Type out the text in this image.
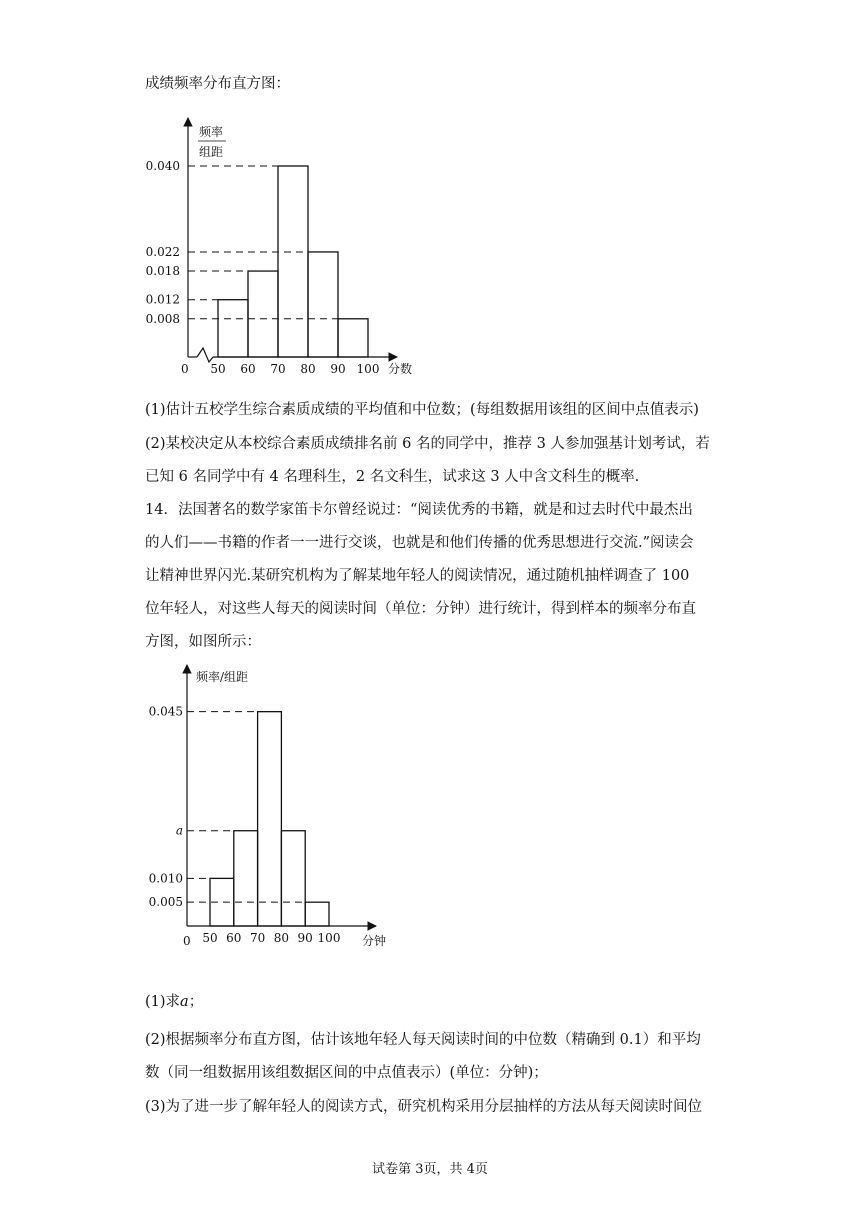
成绩频率分布直方图：
频率
组距
0	分数
0.040
0.022
0.018
0.012
0.008
50 60 70 80 90 100
频率/组距
0	分钟
0.045
a
0.010
0.005
50 60 70 80 90 100
(1)估计五校学生综合素质成绩的平均值和中位数；(每组数据用该组的区间中点值表示)
(2)某校决定从本校综合素质成绩排名前 6 名的同学中，推荐 3 人参加强基计划考试，若
已知 6 名同学中有 4 名理科生，2 名文科生，试求这 3 人中含文科生的概率.
14．法国著名的数学家笛卡尔曾经说过：“阅读优秀的书籍，就是和过去时代中最杰出
的人们——书籍的作者一一进行交谈，也就是和他们传播的优秀思想进行交流.”阅读会
让精神世界闪光.某研究机构为了解某地年轻人的阅读情况，通过随机抽样调查了 100
位年轻人，对这些人每天的阅读时间（单位：分钟）进行统计，得到样本的频率分布直
方图，如图所示：
(1)求a；
(2)根据频率分布直方图，估计该地年轻人每天阅读时间的中位数（精确到 0.1）和平均
数（同一组数据用该组数据区间的中点值表示）(单位：分钟)；
(3)为了进一步了解年轻人的阅读方式，研究机构采用分层抽样的方法从每天阅读时间位
试卷第 3页，共 4页
